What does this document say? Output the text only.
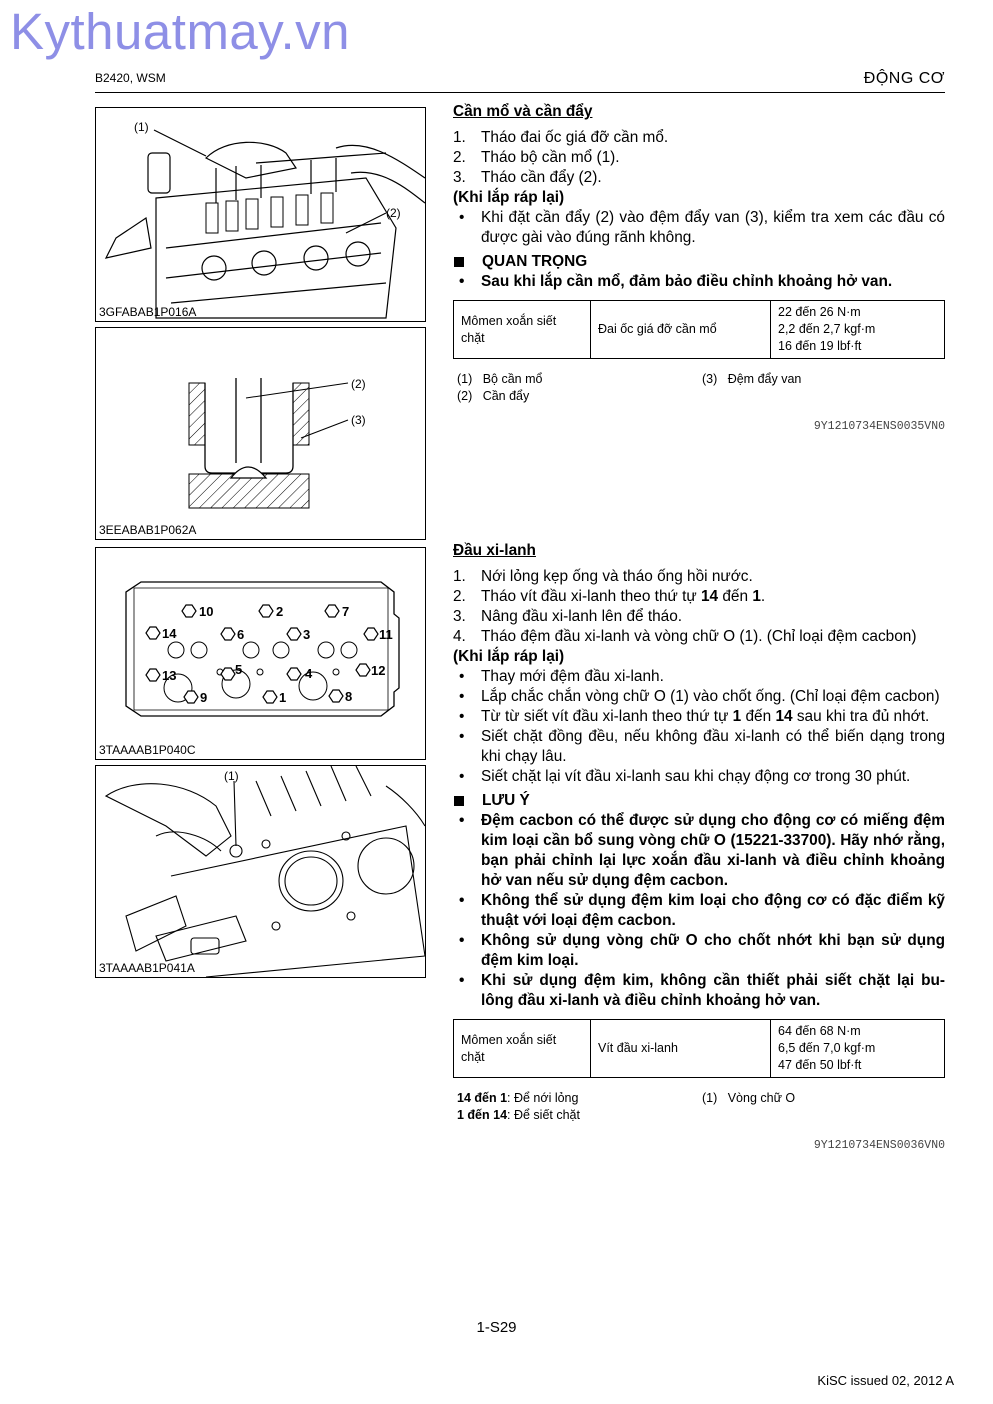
Kythuatmay.vn
B2420, WSM	ĐỘNG CƠ
(1)
(2)
3GFABAB1P016A
(2)
(3)
3EEABAB1P062A
10	2	7
14	6	3	11
13	5	4	12
9	1	8
3TAAAAB1P040C
(1)
3TAAAAB1P041A
Cần mổ và cần đẩy
1. Tháo đai ốc giá đỡ cần mổ.
2. Tháo bộ cần mổ (1).
3. Tháo cần đẩy (2).
(Khi lắp ráp lại)
•	Khi đặt cần đẩy (2) vào đệm đẩy van (3), kiểm tra xem các đầu có được gài vào đúng rãnh không.
QUAN TRỌNG
•	Sau khi lắp cần mổ, đảm bảo điều chỉnh khoảng hở van.
Mômen xoắn siết chặt	Đai ốc giá đỡ cần mổ	
22 đến 26 N·m
2,2 đến 2,7 kgf·m
16 đến 19 lbf·ft
(1) Bộ cần mổ
(2) Cần đẩy
(3) Đệm đẩy van
9Y1210734ENS0035VN0
Đầu xi-lanh
1. Nới lỏng kẹp ống và tháo ống hồi nước.
2. Tháo vít đầu xi-lanh theo thứ tự 14 đến 1.
3. Nâng đầu xi-lanh lên để tháo.
4. Tháo đệm đầu xi-lanh và vòng chữ O (1). (Chỉ loại đệm cacbon)
(Khi lắp ráp lại)
•	Thay mới đệm đầu xi-lanh.
•	Lắp chắc chắn vòng chữ O (1) vào chốt ống. (Chỉ loại đệm cacbon)
•	Từ từ siết vít đầu xi-lanh theo thứ tự 1 đến 14 sau khi tra đủ nhớt.
•	Siết chặt đồng đều, nếu không đầu xi-lanh có thể biến dạng trong khi chạy lâu.
•	Siết chặt lại vít đầu xi-lanh sau khi chạy động cơ trong 30 phút.
LƯU Ý
•	Đệm cacbon có thể được sử dụng cho động cơ có miếng đệm kim loại cần bổ sung vòng chữ O (15221-33700). Hãy nhớ rằng, bạn phải chỉnh lại lực xoắn đầu xi-lanh và điều chỉnh khoảng hở van nếu sử dụng đệm cacbon.
•	Không thể sử dụng đệm kim loại cho động cơ có đặc điểm kỹ thuật với loại đệm cacbon.
•	Không sử dụng vòng chữ O cho chốt nhớt khi bạn sử dụng đệm kim loại.
•	Khi sử dụng đệm kim, không cần thiết phải siết chặt lại bu-lông đầu xi-lanh và điều chỉnh khoảng hở van.
Mômen xoắn siết chặt	Vít đầu xi-lanh	
64 đến 68 N·m
6,5 đến 7,0 kgf·m
47 đến 50 lbf·ft
14 đến 1: Để nới lỏng
1 đến 14: Để siết chặt
(1) Vòng chữ O
9Y1210734ENS0036VN0
1-S29
KiSC issued 02, 2012 A
